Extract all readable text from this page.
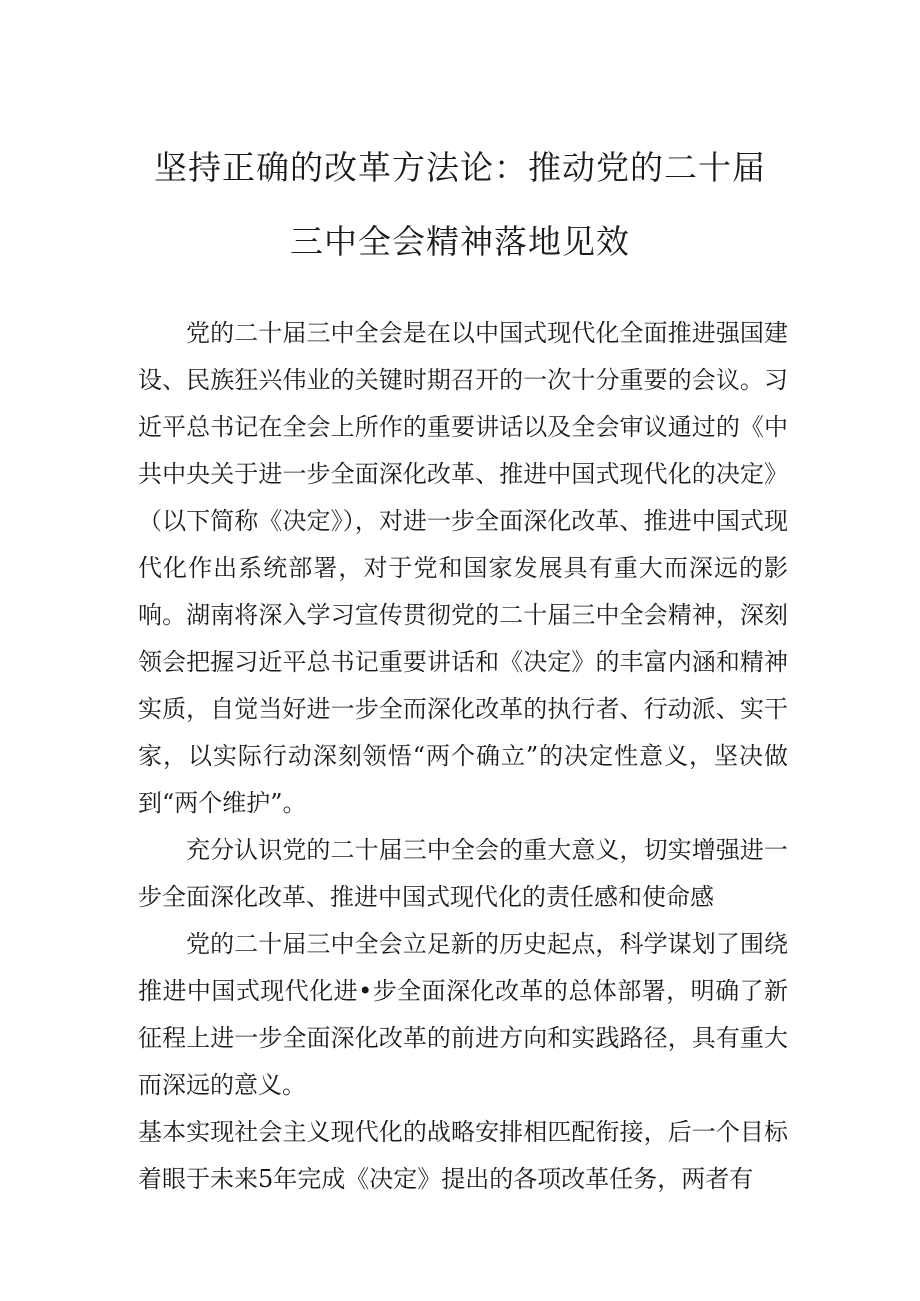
坚持正确的改革方法论：推动党的二十届
三中全会精神落地见效

党的二十届三中全会是在以中国式现代化全面推进强国建设、民族狂兴伟业的关键时期召开的一次十分重要的会议。习近平总书记在全会上所作的重要讲话以及全会审议通过的《中共中央关于进一步全面深化改革、推进中国式现代化的决定》（以下简称《决定》），对进一步全面深化改革、推进中国式现代化作出系统部署，对于党和国家发展具有重大而深远的影响。湖南将深入学习宣传贯彻党的二十届三中全会精神，深刻领会把握习近平总书记重要讲话和《决定》的丰富内涵和精神实质，自觉当好进一步全而深化改革的执行者、行动派、实干家，以实际行动深刻领悟“两个确立”的决定性意义，坚决做到“两个维护”。

充分认识党的二十届三中全会的重大意义，切实增强进一步全面深化改革、推进中国式现代化的责任感和使命感

党的二十届三中全会立足新的历史起点，科学谋划了围绕推进中国式现代化进•步全面深化改革的总体部署，明确了新征程上进一步全面深化改革的前进方向和实践路径，具有重大而深远的意义。

基本实现社会主义现代化的战略安排相匹配衔接，后一个目标着眼于未来5年完成《决定》提出的各项改革任务，两者有
